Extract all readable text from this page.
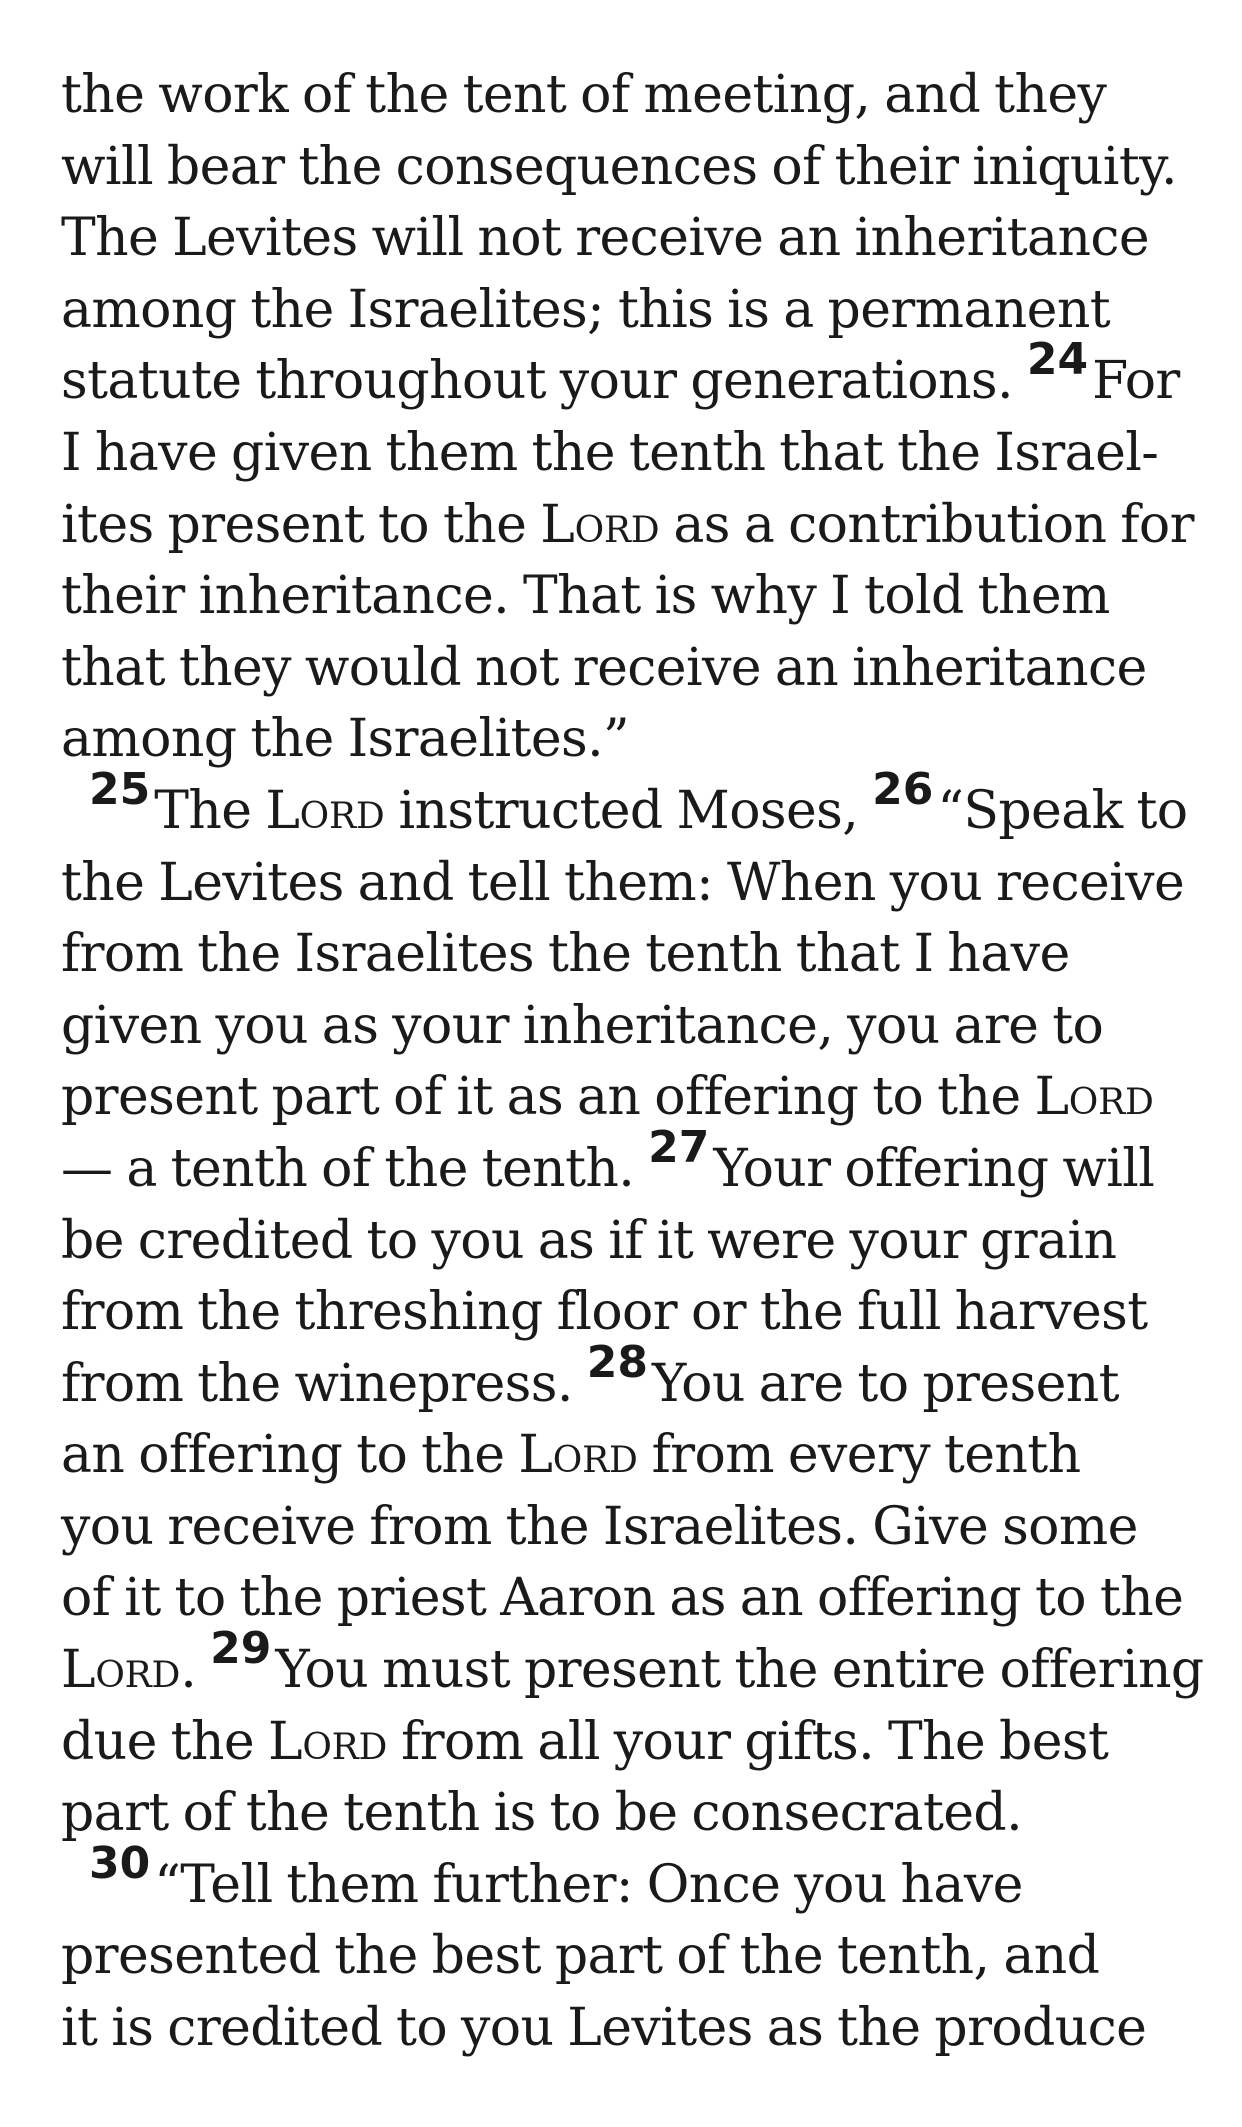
the work of the tent of meeting, and they
will bear the consequences of their iniquity.
The Levites will not receive an inheritance
among the Israelites; this is a permanent
statute throughout your generations. $^{24}$For
I have given them the tenth that the Israel-
ites present to the Lord as a contribution for
their inheritance. That is why I told them
that they would not receive an inheritance
among the Israelites.”
$^{25}$The Lord instructed Moses, $^{26}$“Speak to
the Levites and tell them: When you receive
from the Israelites the tenth that I have
given you as your inheritance, you are to
present part of it as an offering to the Lord
— a tenth of the tenth. $^{27}$Your offering will
be credited to you as if it were your grain
from the threshing floor or the full harvest
from the winepress. $^{28}$You are to present
an offering to the Lord from every tenth
you receive from the Israelites. Give some
of it to the priest Aaron as an offering to the
Lord. $^{29}$You must present the entire offering
due the Lord from all your gifts. The best
part of the tenth is to be consecrated.
$^{30}$“Tell them further: Once you have
presented the best part of the tenth, and
it is credited to you Levites as the produce
